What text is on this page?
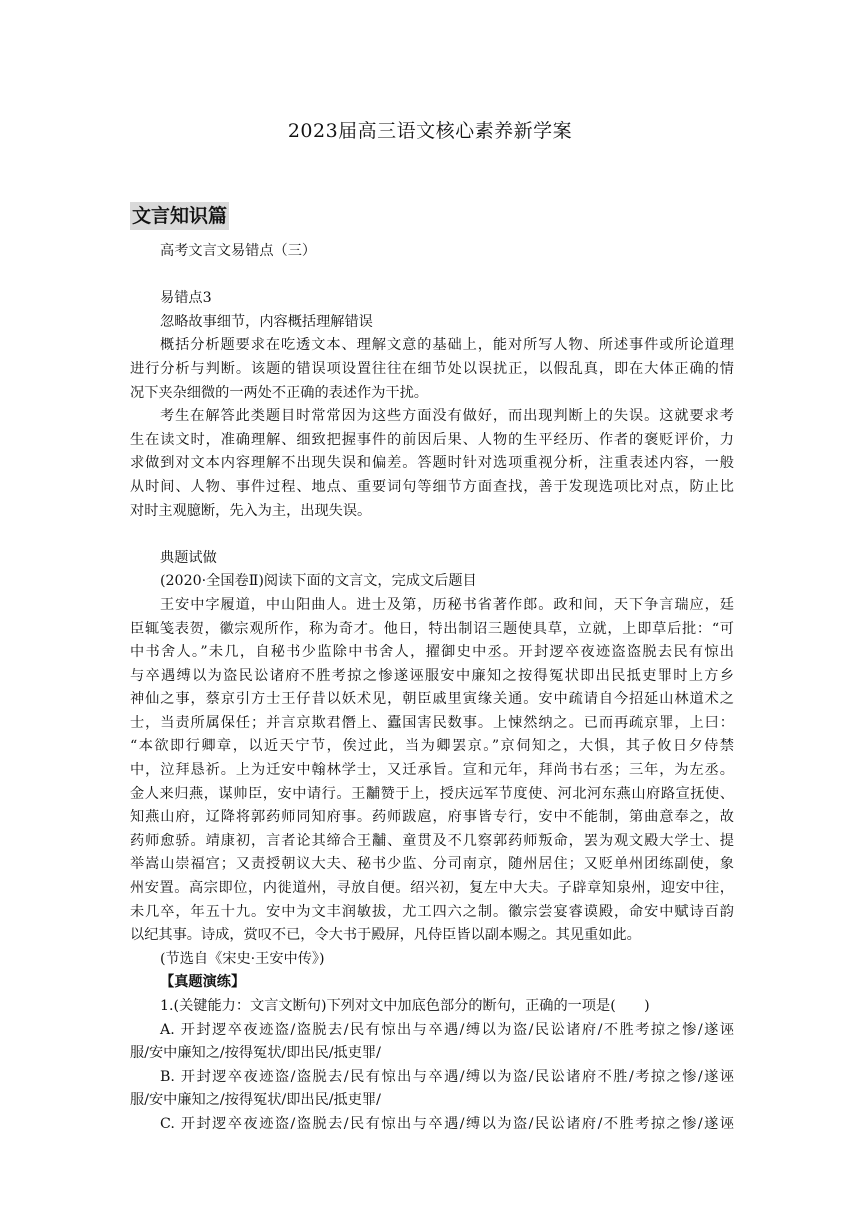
2023届高三语文核心素养新学案
文言知识篇

高考文言文易错点（三）

易错点3

忽略故事细节，内容概括理解错误

概括分析题要求在吃透文本、理解文意的基础上，能对所写人物、所述事件或所论道理

进行分析与判断。该题的错误项设置往往在细节处以误扰正，以假乱真，即在大体正确的情

况下夹杂细微的一两处不正确的表述作为干扰。

考生在解答此类题目时常常因为这些方面没有做好，而出现判断上的失误。这就要求考

生在读文时，准确理解、细致把握事件的前因后果、人物的生平经历、作者的褒贬评价，力

求做到对文本内容理解不出现失误和偏差。答题时针对选项重视分析，注重表述内容，一般

从时间、人物、事件过程、地点、重要词句等细节方面查找，善于发现选项比对点，防止比

对时主观臆断，先入为主，出现失误。

典题试做

(2020·全国卷Ⅱ)阅读下面的文言文，完成文后题目

王安中字履道，中山阳曲人。进士及第，历秘书省著作郎。政和间，天下争言瑞应，廷

臣辄笺表贺，徽宗观所作，称为奇才。他日，特出制诏三题使具草，立就，上即草后批：“可

中书舍人。”未几，自秘书少监除中书舍人，擢御史中丞。开封逻卒夜迹盗盗脱去民有惊出

与卒遇缚以为盗民讼诸府不胜考掠之惨遂诬服安中廉知之按得冤状即出民抵吏罪时上方乡

神仙之事，蔡京引方士王仔昔以妖术见，朝臣戚里寅缘关通。安中疏请自今招延山林道术之

士，当责所属保任；并言京欺君僭上、蠹国害民数事。上悚然纳之。已而再疏京罪，上曰：

“本欲即行卿章，以近天宁节，俟过此，当为卿罢京。”京伺知之，大惧，其子攸日夕侍禁

中，泣拜恳祈。上为迁安中翰林学士，又迁承旨。宣和元年，拜尚书右丞；三年，为左丞。

金人来归燕，谋帅臣，安中请行。王黼赞于上，授庆远军节度使、河北河东燕山府路宣抚使、

知燕山府，辽降将郭药师同知府事。药师跋扈，府事皆专行，安中不能制，第曲意奉之，故

药师愈骄。靖康初，言者论其缔合王黼、童贯及不几察郭药师叛命，罢为观文殿大学士、提

举嵩山崇福宫；又责授朝议大夫、秘书少监、分司南京，随州居住；又贬单州团练副使，象

州安置。高宗即位，内徙道州，寻放自便。绍兴初，复左中大夫。子辟章知泉州，迎安中往，

未几卒，年五十九。安中为文丰润敏拔，尤工四六之制。徽宗尝宴睿谟殿，命安中赋诗百韵

以纪其事。诗成，赏叹不已，令大书于殿屏，凡侍臣皆以副本赐之。其见重如此。

(节选自《宋史·王安中传》)

【真题演练】

1.(关键能力：文言文断句)下列对文中加底色部分的断句，正确的一项是(　　)

A. 开封逻卒夜迹盗/盗脱去/民有惊出与卒遇/缚以为盗/民讼诸府/不胜考掠之惨/遂诬

服/安中廉知之/按得冤状/即出民/抵吏罪/

B. 开封逻卒夜迹盗/盗脱去/民有惊出与卒遇/缚以为盗/民讼诸府不胜/考掠之惨/遂诬

服/安中廉知之/按得冤状/即出民/抵吏罪/

C. 开封逻卒夜迹盗/盗脱去/民有惊出与卒遇/缚以为盗/民讼诸府/不胜考掠之惨/遂诬
